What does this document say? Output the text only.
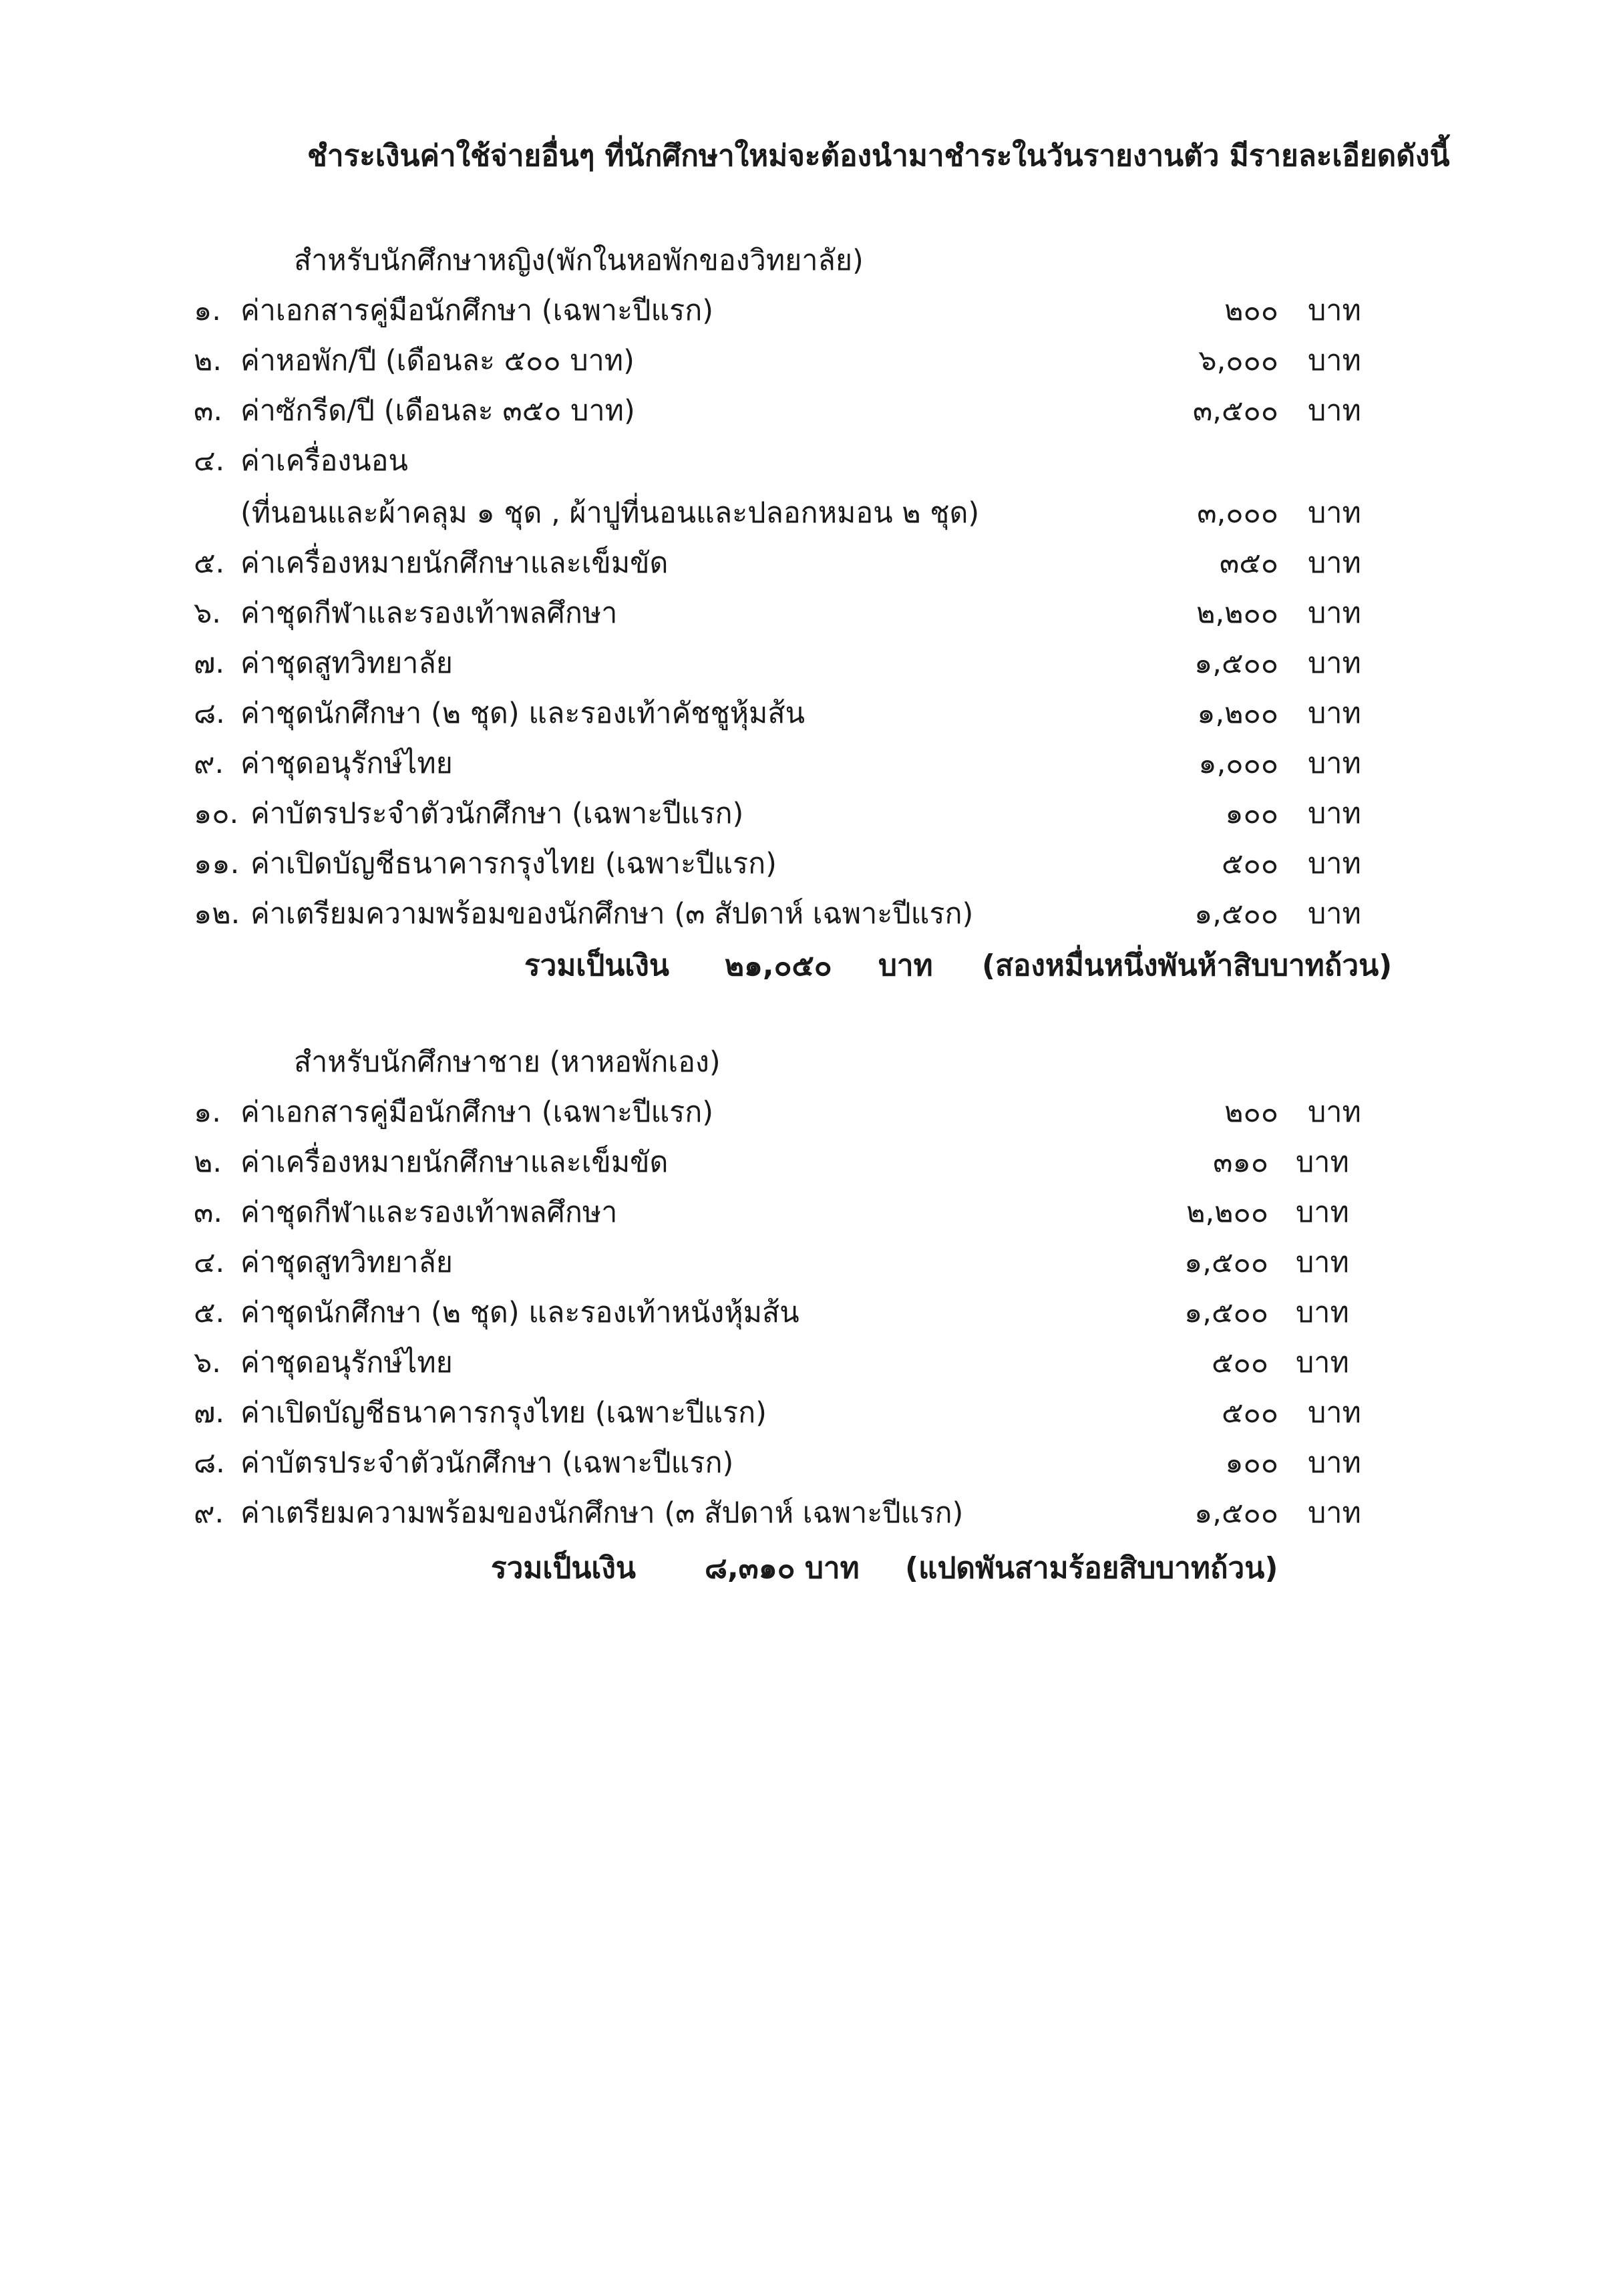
ชำระเงินค่าใช้จ่ายอื่นๆ ที่นักศึกษาใหม่จะต้องนำมาชำระในวันรายงานตัว มีรายละเอียดดังนี้
สำหรับนักศึกษาหญิง(พักในหอพักของวิทยาลัย)
๑. ค่าเอกสารคู่มือนักศึกษา (เฉพาะปีแรก)	๒๐๐ บาท
๒. ค่าหอพัก/ปี (เดือนละ ๕๐๐ บาท)	๖,๐๐๐ บาท
๓. ค่าซักรีด/ปี (เดือนละ ๓๕๐ บาท)	๓,๕๐๐ บาท
๔. ค่าเครื่องนอน
(ที่นอนและผ้าคลุม ๑ ชุด , ผ้าปูที่นอนและปลอกหมอน ๒ ชุด)	๓,๐๐๐ บาท
๕. ค่าเครื่องหมายนักศึกษาและเข็มขัด	๓๕๐ บาท
๖. ค่าชุดกีฬาและรองเท้าพลศึกษา	๒,๒๐๐ บาท
๗. ค่าชุดสูทวิทยาลัย	๑,๕๐๐ บาท
๘. ค่าชุดนักศึกษา (๒ ชุด) และรองเท้าคัชชูหุ้มส้น	๑,๒๐๐ บาท
๙. ค่าชุดอนุรักษ์ไทย	๑,๐๐๐ บาท
๑๐. ค่าบัตรประจำตัวนักศึกษา (เฉพาะปีแรก)	๑๐๐ บาท
๑๑. ค่าเปิดบัญชีธนาคารกรุงไทย (เฉพาะปีแรก)	๕๐๐ บาท
๑๒. ค่าเตรียมความพร้อมของนักศึกษา (๓ สัปดาห์ เฉพาะปีแรก)	๑,๕๐๐ บาท
รวมเป็นเงิน ๒๑,๐๕๐ บาท (สองหมื่นหนึ่งพันห้าสิบบาทถ้วน)
สำหรับนักศึกษาชาย (หาหอพักเอง)
๑. ค่าเอกสารคู่มือนักศึกษา (เฉพาะปีแรก)	๒๐๐ บาท
๒. ค่าเครื่องหมายนักศึกษาและเข็มขัด	๓๑๐ บาท
๓. ค่าชุดกีฬาและรองเท้าพลศึกษา	๒,๒๐๐ บาท
๔. ค่าชุดสูทวิทยาลัย	๑,๕๐๐ บาท
๕. ค่าชุดนักศึกษา (๒ ชุด) และรองเท้าหนังหุ้มส้น	๑,๕๐๐ บาท
๖. ค่าชุดอนุรักษ์ไทย	๕๐๐ บาท
๗. ค่าเปิดบัญชีธนาคารกรุงไทย (เฉพาะปีแรก)	๕๐๐ บาท
๘. ค่าบัตรประจำตัวนักศึกษา (เฉพาะปีแรก)	๑๐๐ บาท
๙. ค่าเตรียมความพร้อมของนักศึกษา (๓ สัปดาห์ เฉพาะปีแรก)	๑,๕๐๐ บาท
รวมเป็นเงิน ๘,๓๑๐ บาท (แปดพันสามร้อยสิบบาทถ้วน)
